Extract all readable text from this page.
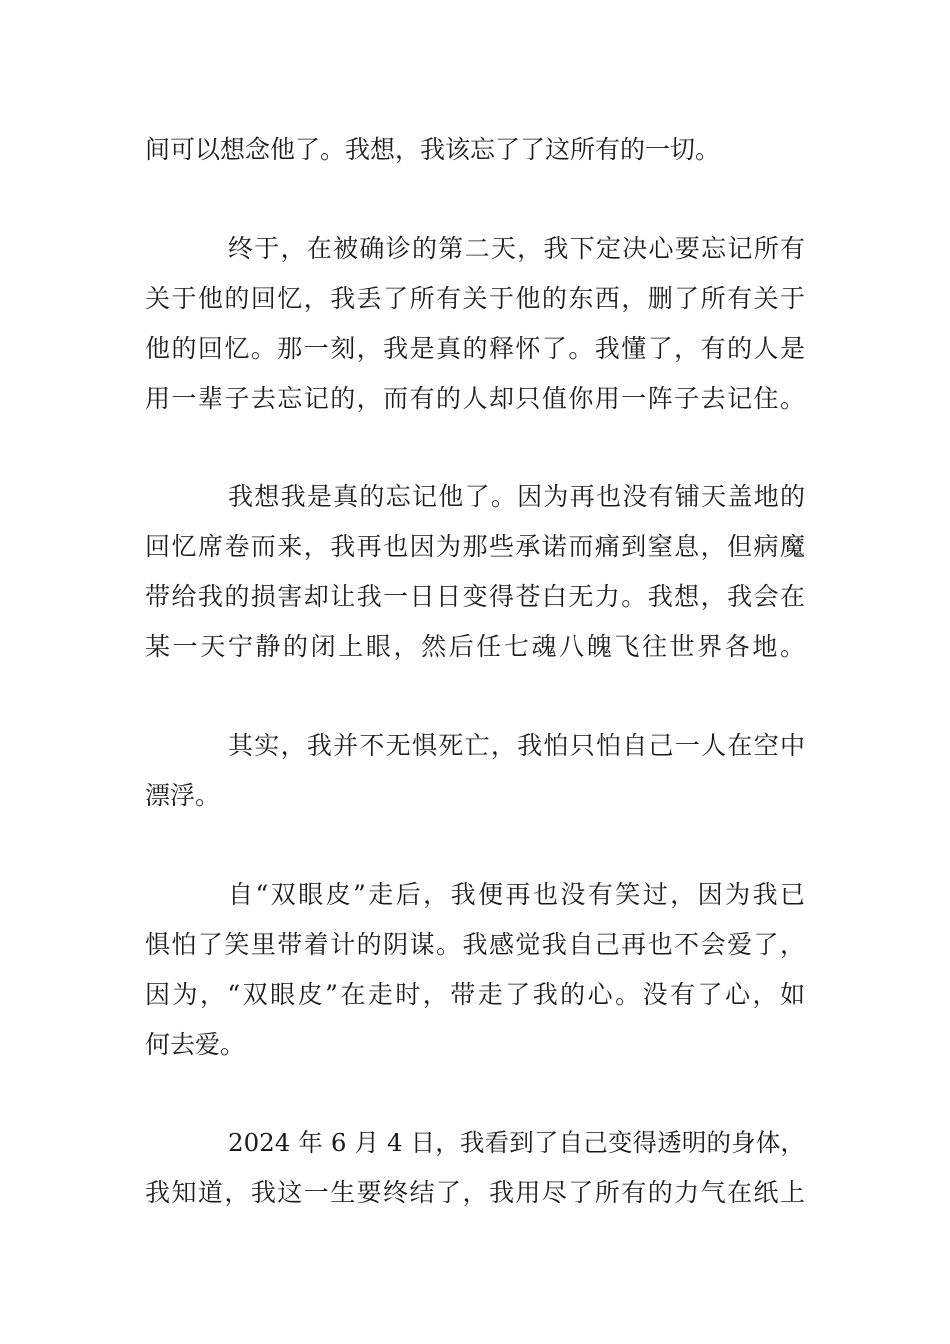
间可以想念他了。我想，我该忘了了这所有的一切。
终于，在被确诊的第二天，我下定决心要忘记所有
关于他的回忆，我丢了所有关于他的东西，删了所有关于
他的回忆。那一刻，我是真的释怀了。我懂了，有的人是
用一辈子去忘记的，而有的人却只值你用一阵子去记住。
我想我是真的忘记他了。因为再也没有铺天盖地的
回忆席卷而来，我再也因为那些承诺而痛到窒息，但病魔
带给我的损害却让我一日日变得苍白无力。我想，我会在
某一天宁静的闭上眼，然后任七魂八魄飞往世界各地。
其实，我并不无惧死亡，我怕只怕自己一人在空中
漂浮。
自“双眼皮”走后，我便再也没有笑过，因为我已
惧怕了笑里带着计的阴谋。我感觉我自己再也不会爱了，
因为，“双眼皮”在走时，带走了我的心。没有了心，如
何去爱。
2024 年 6 月 4 日，我看到了自己变得透明的身体，
我知道，我这一生要终结了，我用尽了所有的力气在纸上
